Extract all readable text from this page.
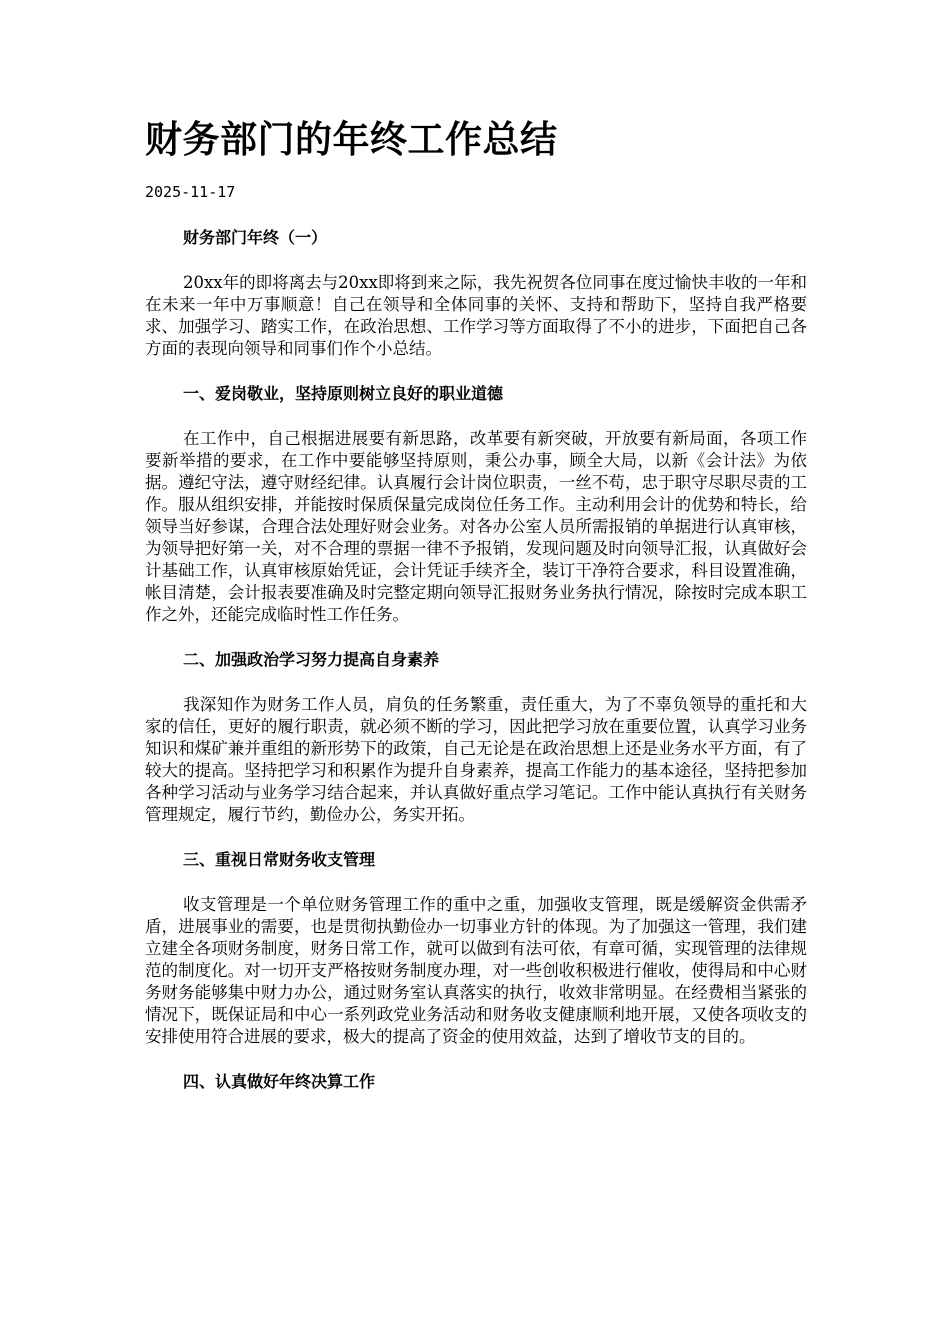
财务部门的年终工作总结
2025-11-17
财务部门年终（一）
20xx年的即将离去与20xx即将到来之际，我先祝贺各位同事在度过愉快丰收的一年和在未来一年中万事顺意！自己在领导和全体同事的关怀、支持和帮助下，坚持自我严格要求、加强学习、踏实工作，在政治思想、工作学习等方面取得了不小的进步，下面把自己各方面的表现向领导和同事们作个小总结。
一、爱岗敬业，坚持原则树立良好的职业道德
在工作中，自己根据进展要有新思路，改革要有新突破，开放要有新局面，各项工作要新举措的要求，在工作中要能够坚持原则，秉公办事，顾全大局，以新《会计法》为依据。遵纪守法，遵守财经纪律。认真履行会计岗位职责，一丝不苟，忠于职守尽职尽责的工作。服从组织安排，并能按时保质保量完成岗位任务工作。主动利用会计的优势和特长，给领导当好参谋，合理合法处理好财会业务。对各办公室人员所需报销的单据进行认真审核，为领导把好第一关，对不合理的票据一律不予报销，发现问题及时向领导汇报，认真做好会计基础工作，认真审核原始凭证，会计凭证手续齐全，装订干净符合要求，科目设置准确，帐目清楚，会计报表要准确及时完整定期向领导汇报财务业务执行情况，除按时完成本职工作之外，还能完成临时性工作任务。
二、加强政治学习努力提高自身素养
我深知作为财务工作人员，肩负的任务繁重，责任重大，为了不辜负领导的重托和大家的信任，更好的履行职责，就必须不断的学习，因此把学习放在重要位置，认真学习业务知识和煤矿兼并重组的新形势下的政策，自己无论是在政治思想上还是业务水平方面，有了较大的提高。坚持把学习和积累作为提升自身素养，提高工作能力的基本途径，坚持把参加各种学习活动与业务学习结合起来，并认真做好重点学习笔记。工作中能认真执行有关财务管理规定，履行节约，勤俭办公，务实开拓。
三、重视日常财务收支管理
收支管理是一个单位财务管理工作的重中之重，加强收支管理，既是缓解资金供需矛盾，进展事业的需要，也是贯彻执勤俭办一切事业方针的体现。为了加强这一管理，我们建立建全各项财务制度，财务日常工作，就可以做到有法可依，有章可循，实现管理的法律规范的制度化。对一切开支严格按财务制度办理，对一些创收积极进行催收，使得局和中心财务财务能够集中财力办公，通过财务室认真落实的执行，收效非常明显。在经费相当紧张的情况下，既保证局和中心一系列政党业务活动和财务收支健康顺利地开展，又使各项收支的安排使用符合进展的要求，极大的提高了资金的使用效益，达到了增收节支的目的。
四、认真做好年终决算工作
